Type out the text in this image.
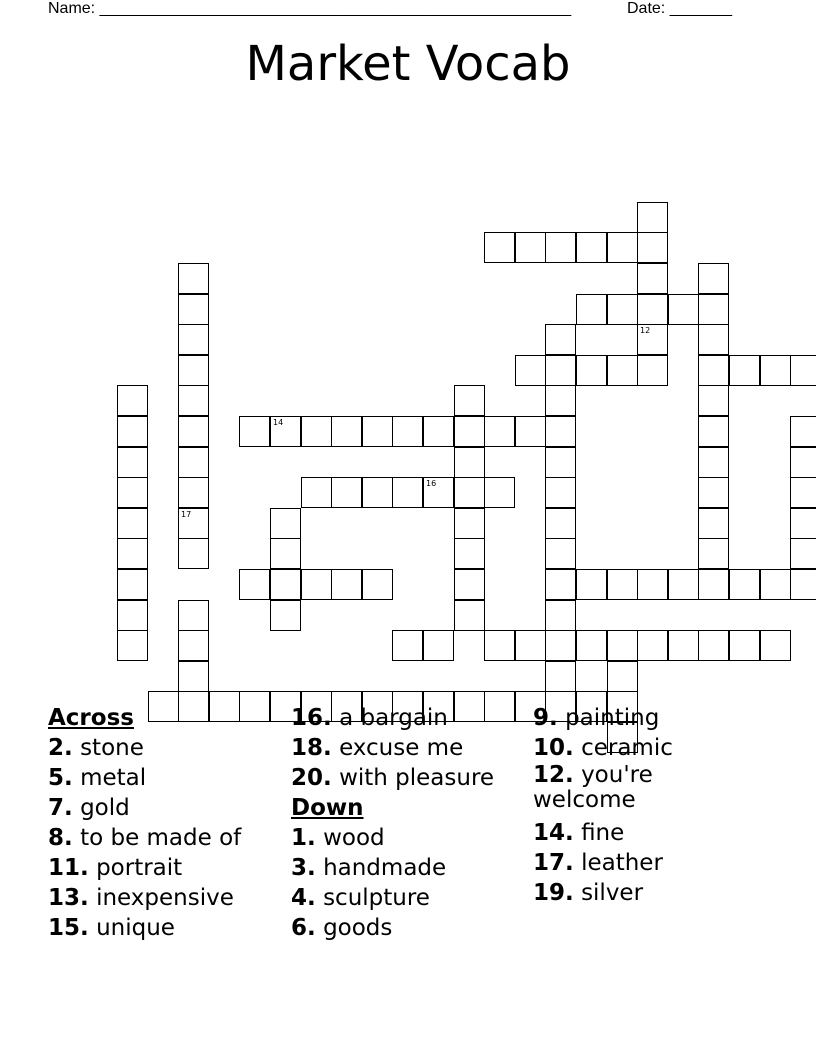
Name: _____________________________________________________	Date: _______
Market Vocab
12
17
14
16
Across
2. stone
5. metal
7. gold
8. to be made of
11. portrait
13. inexpensive
15. unique
16. a bargain
18. excuse me
20. with pleasure
Down
1. wood
3. handmade
4. sculpture
6. goods
9. painting
10. ceramic
12. you're welcome
14. fine
17. leather
19. silver
